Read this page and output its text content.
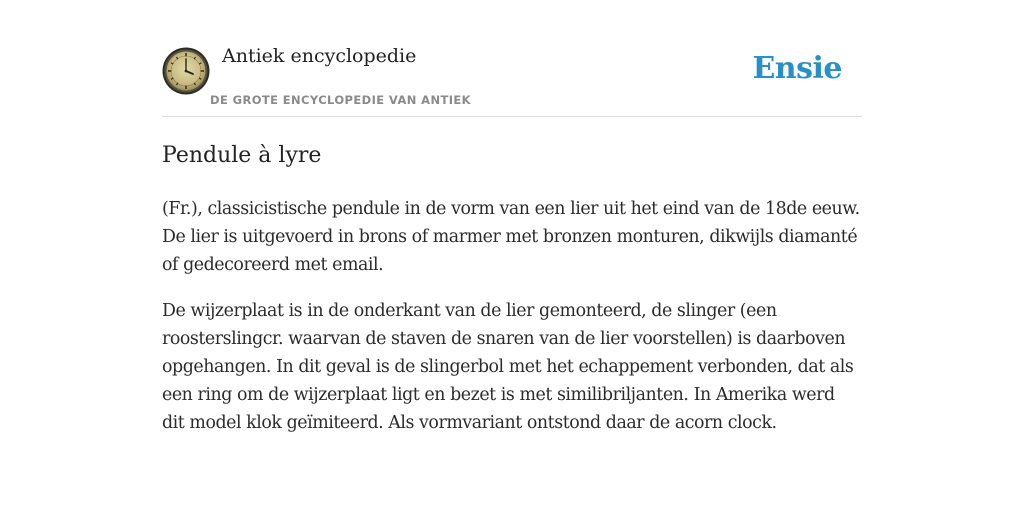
Antiek encyclopedie
DE GROTE ENCYCLOPEDIE VAN ANTIEK
Ensie
Pendule à lyre

(Fr.), classicistische pendule in de vorm van een lier uit het eind van de 18de eeuw. De lier is uitgevoerd in brons of marmer met bronzen monturen, dikwijls diamanté of gedecoreerd met email.

De wijzerplaat is in de onderkant van de lier gemonteerd, de slinger (een roosterslingcr. waarvan de staven de snaren van de lier voorstellen) is daarboven opgehangen. In dit geval is de slingerbol met het echappement verbonden, dat als een ring om de wijzerplaat ligt en bezet is met similibriljanten. In Amerika werd dit model klok geïmiteerd. Als vormvariant ontstond daar de acorn clock.
